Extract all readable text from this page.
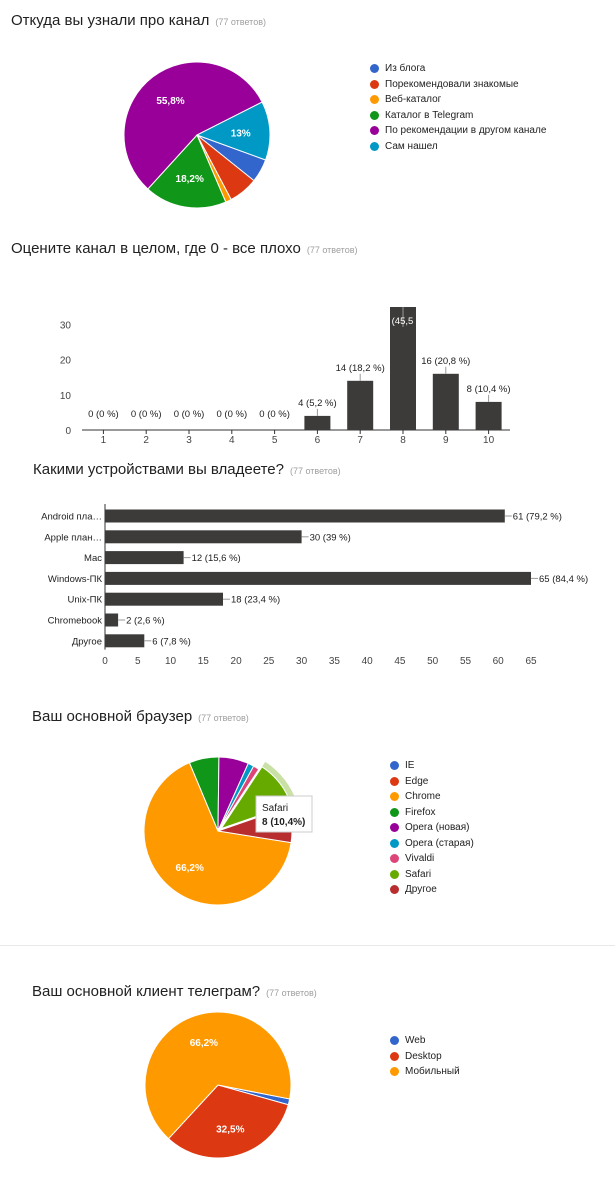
Откуда вы узнали про канал (77 ответов)
18,2%
55,8%
13%
Из блога
Порекомендовали знакомые
Веб-каталог
Каталог в Telegram
По рекомендации в другом канале
Сам нашел
Оцените канал в целом, где 0 - все плохо (77 ответов)
0
10
20
30
1
0 (0 %)
2
0 (0 %)
3
0 (0 %)
4
0 (0 %)
5
0 (0 %)
6
4 (5,2 %)
7
14 (18,2 %)
8
35 (45,5 %)
9
16 (20,8 %)
10
8 (10,4 %)
Какими устройствами вы владеете? (77 ответов)
Android пла…	61 (79,2 %)
Apple план…	30 (39 %)
Mac	12 (15,6 %)
Windows-ПК	65 (84,4 %)
Unix-ПК	18 (23,4 %)
Chromebook	2 (2,6 %)
Другое	6 (7,8 %)
0	5 10 15 20 25 30 35 40 45 50 55 60 65
Ваш основной браузер (77 ответов)
66,2%
Safari
8 (10,4%)
IE
Edge
Chrome
Firefox
Opera (новая)
Opera (старая)
Vivaldi
Safari
Другое
Ваш основной клиент телеграм? (77 ответов)
32,5%
66,2%	Web
Desktop
Мобильный
